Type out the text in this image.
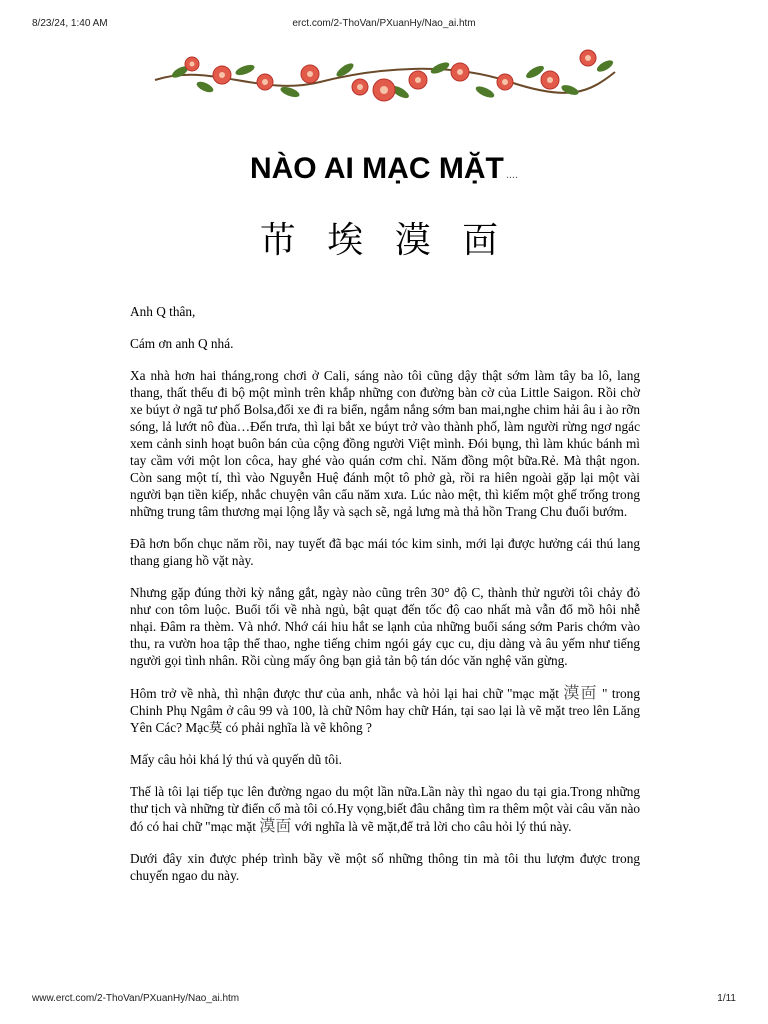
8/23/24, 1:40 AM	erct.com/2-ThoVan/PXuanHy/Nao_ai.htm
NÀO AI MẠC MẶT ....
芇 埃 漠 靣

Anh Q thân,

Cám ơn anh Q nhá.

Xa nhà hơn hai tháng,rong chơi ở Cali, sáng nào tôi cũng dậy thật sớm làm tây ba lô, lang thang, thất thểu đi bộ một mình trên khắp những con đường bàn cờ của Little Saigon. Rồi chờ xe búyt ở ngã tư phố Bolsa,đổi xe đi ra biển, ngắm nắng sớm ban mai,nghe chim hải âu i ào rỡn sóng, lả lướt nô đùa…Đến trưa, thì lại bắt xe búyt trở vào thành phố, làm người rừng ngơ ngác xem cảnh sinh hoạt buôn bán của cộng đồng người Việt mình. Đói bụng, thì làm khúc bánh mì tay cầm với một lon côca, hay ghé vào quán cơm chỉ. Năm đồng một bữa.Rẻ. Mà thật ngon. Còn sang một tí, thì vào Nguyễn Huệ đánh một tô phở gà, rồi ra hiên ngoài gặp lại một vài người bạn tiền kiếp, nhắc chuyện vân cẩu năm xưa. Lúc nào mệt, thì kiếm một ghế trống trong những trung tâm thương mại lộng lẫy và sạch sẽ, ngả lưng mà thả hồn Trang Chu đuổi bướm.

Đã hơn bốn chục năm rồi, nay tuyết đã bạc mái tóc kim sinh, mới lại được hưởng cái thú lang thang giang hồ vặt này.

Nhưng gặp đúng thời kỳ nắng gắt, ngày nào cũng trên 30° độ C, thành thử người tôi chảy đỏ như con tôm luộc. Buổi tối về nhà ngủ, bật quạt đến tốc độ cao nhất mà vẫn đổ mồ hôi nhễ nhại. Đâm ra thèm. Và nhớ. Nhớ cái hiu hắt se lạnh của những buổi sáng sớm Paris chớm vào thu, ra vườn hoa tập thể thao, nghe tiếng chim ngói gáy cục cu, dịu dàng và âu yếm như tiếng người gọi tình nhân. Rồi cùng mấy ông bạn giả tản bộ tán dóc văn nghệ văn gừng.

Hôm trở về nhà, thì nhận được thư của anh, nhắc và hỏi lại hai chữ "mạc mặt 漠靣 " trong Chinh Phụ Ngâm ở câu 99 và 100, là chữ Nôm hay chữ Hán, tại sao lại là vẽ mặt treo lên Lăng Yên Các? Mạc莫 có phải nghĩa là vẽ không ?

Mấy câu hỏi khá lý thú và quyến dũ tôi.

Thế là tôi lại tiếp tục lên đường ngao du một lần nữa.Lần này thì ngao du tại gia.Trong những thư tịch và những từ điển cổ mà tôi có.Hy vọng,biết đâu chẳng tìm ra thêm một vài câu văn nào đó có hai chữ "mạc mặt 漠靣 với nghĩa là vẽ mặt,để trả lời cho câu hỏi lý thú này.

Dưới đây xin được phép trình bầy về một số những thông tin mà tôi thu lượm được trong chuyến ngao du này.

www.erct.com/2-ThoVan/PXuanHy/Nao_ai.htm	1/11
